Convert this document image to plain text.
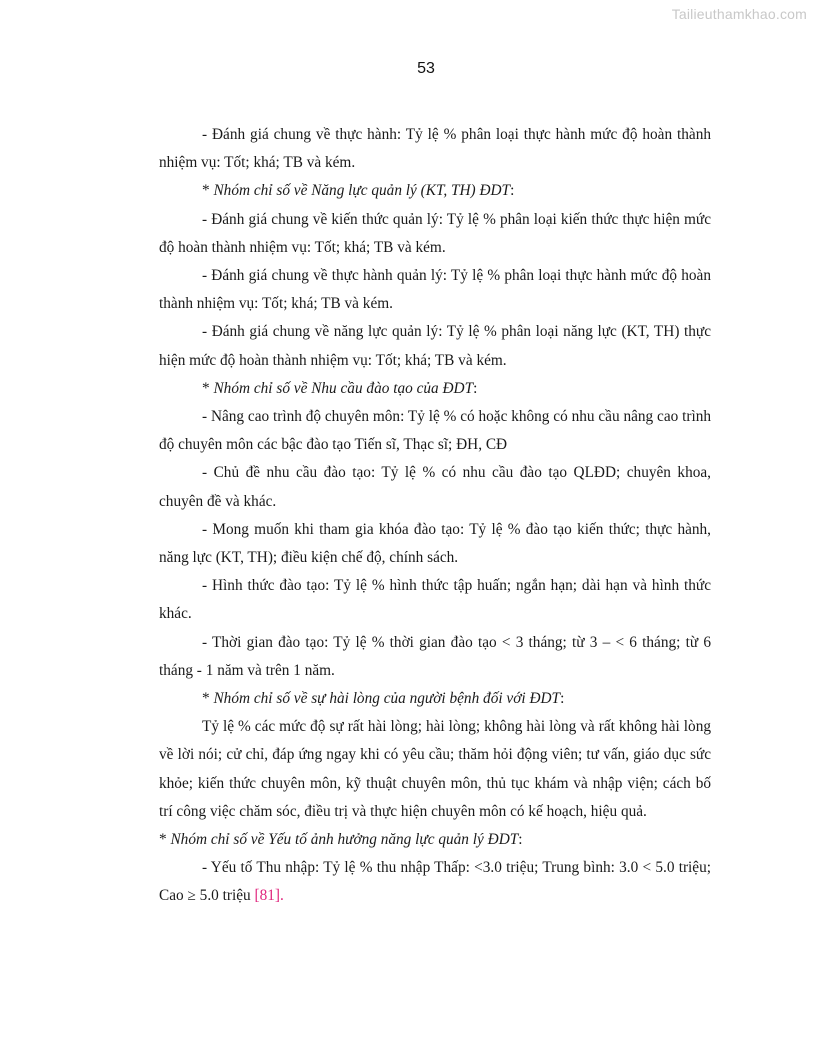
Tailieuthamkhao.com
53

- Đánh giá chung về thực hành: Tỷ lệ % phân loại thực hành mức độ hoàn thành nhiệm vụ: Tốt; khá; TB và kém.

* Nhóm chỉ số về Năng lực quản lý (KT, TH) ĐDT:

- Đánh giá chung về kiến thức quản lý: Tỷ lệ % phân loại kiến thức thực hiện mức độ hoàn thành nhiệm vụ: Tốt; khá; TB và kém.

- Đánh giá chung về thực hành quản lý: Tỷ lệ % phân loại thực hành mức độ hoàn thành nhiệm vụ: Tốt; khá; TB và kém.

- Đánh giá chung về năng lực quản lý: Tỷ lệ % phân loại năng lực (KT, TH) thực hiện mức độ hoàn thành nhiệm vụ: Tốt; khá; TB và kém.

* Nhóm chỉ số về Nhu cầu đào tạo của ĐDT:

- Nâng cao trình độ chuyên môn: Tỷ lệ % có hoặc không có nhu cầu nâng cao trình độ chuyên môn các bậc đào tạo Tiến sĩ, Thạc sĩ; ĐH, CĐ

- Chủ đề nhu cầu đào tạo: Tỷ lệ % có nhu cầu đào tạo QLĐD; chuyên khoa, chuyên đề và khác.

- Mong muốn khi tham gia khóa đào tạo: Tỷ lệ % đào tạo kiến thức; thực hành, năng lực (KT, TH); điều kiện chế độ, chính sách.

- Hình thức đào tạo: Tỷ lệ % hình thức tập huấn; ngắn hạn; dài hạn và hình thức khác.

- Thời gian đào tạo: Tỷ lệ % thời gian đào tạo < 3 tháng; từ 3 – < 6 tháng; từ 6 tháng - 1 năm và trên 1 năm.

* Nhóm chỉ số về sự hài lòng của người bệnh đối với ĐDT:

Tỷ lệ % các mức độ sự rất hài lòng; hài lòng; không hài lòng và rất không hài lòng về lời nói; cử chỉ, đáp ứng ngay khi có yêu cầu; thăm hỏi động viên; tư vấn, giáo dục sức khỏe; kiến thức chuyên môn, kỹ thuật chuyên môn, thủ tục khám và nhập viện; cách bố trí công việc chăm sóc, điều trị và thực hiện chuyên môn có kế hoạch, hiệu quả.

* Nhóm chỉ số về Yếu tố ảnh hưởng năng lực quản lý ĐDT:

- Yếu tố Thu nhập: Tỷ lệ % thu nhập Thấp: <3.0 triệu; Trung bình: 3.0 < 5.0 triệu; Cao ≥ 5.0 triệu [81].
